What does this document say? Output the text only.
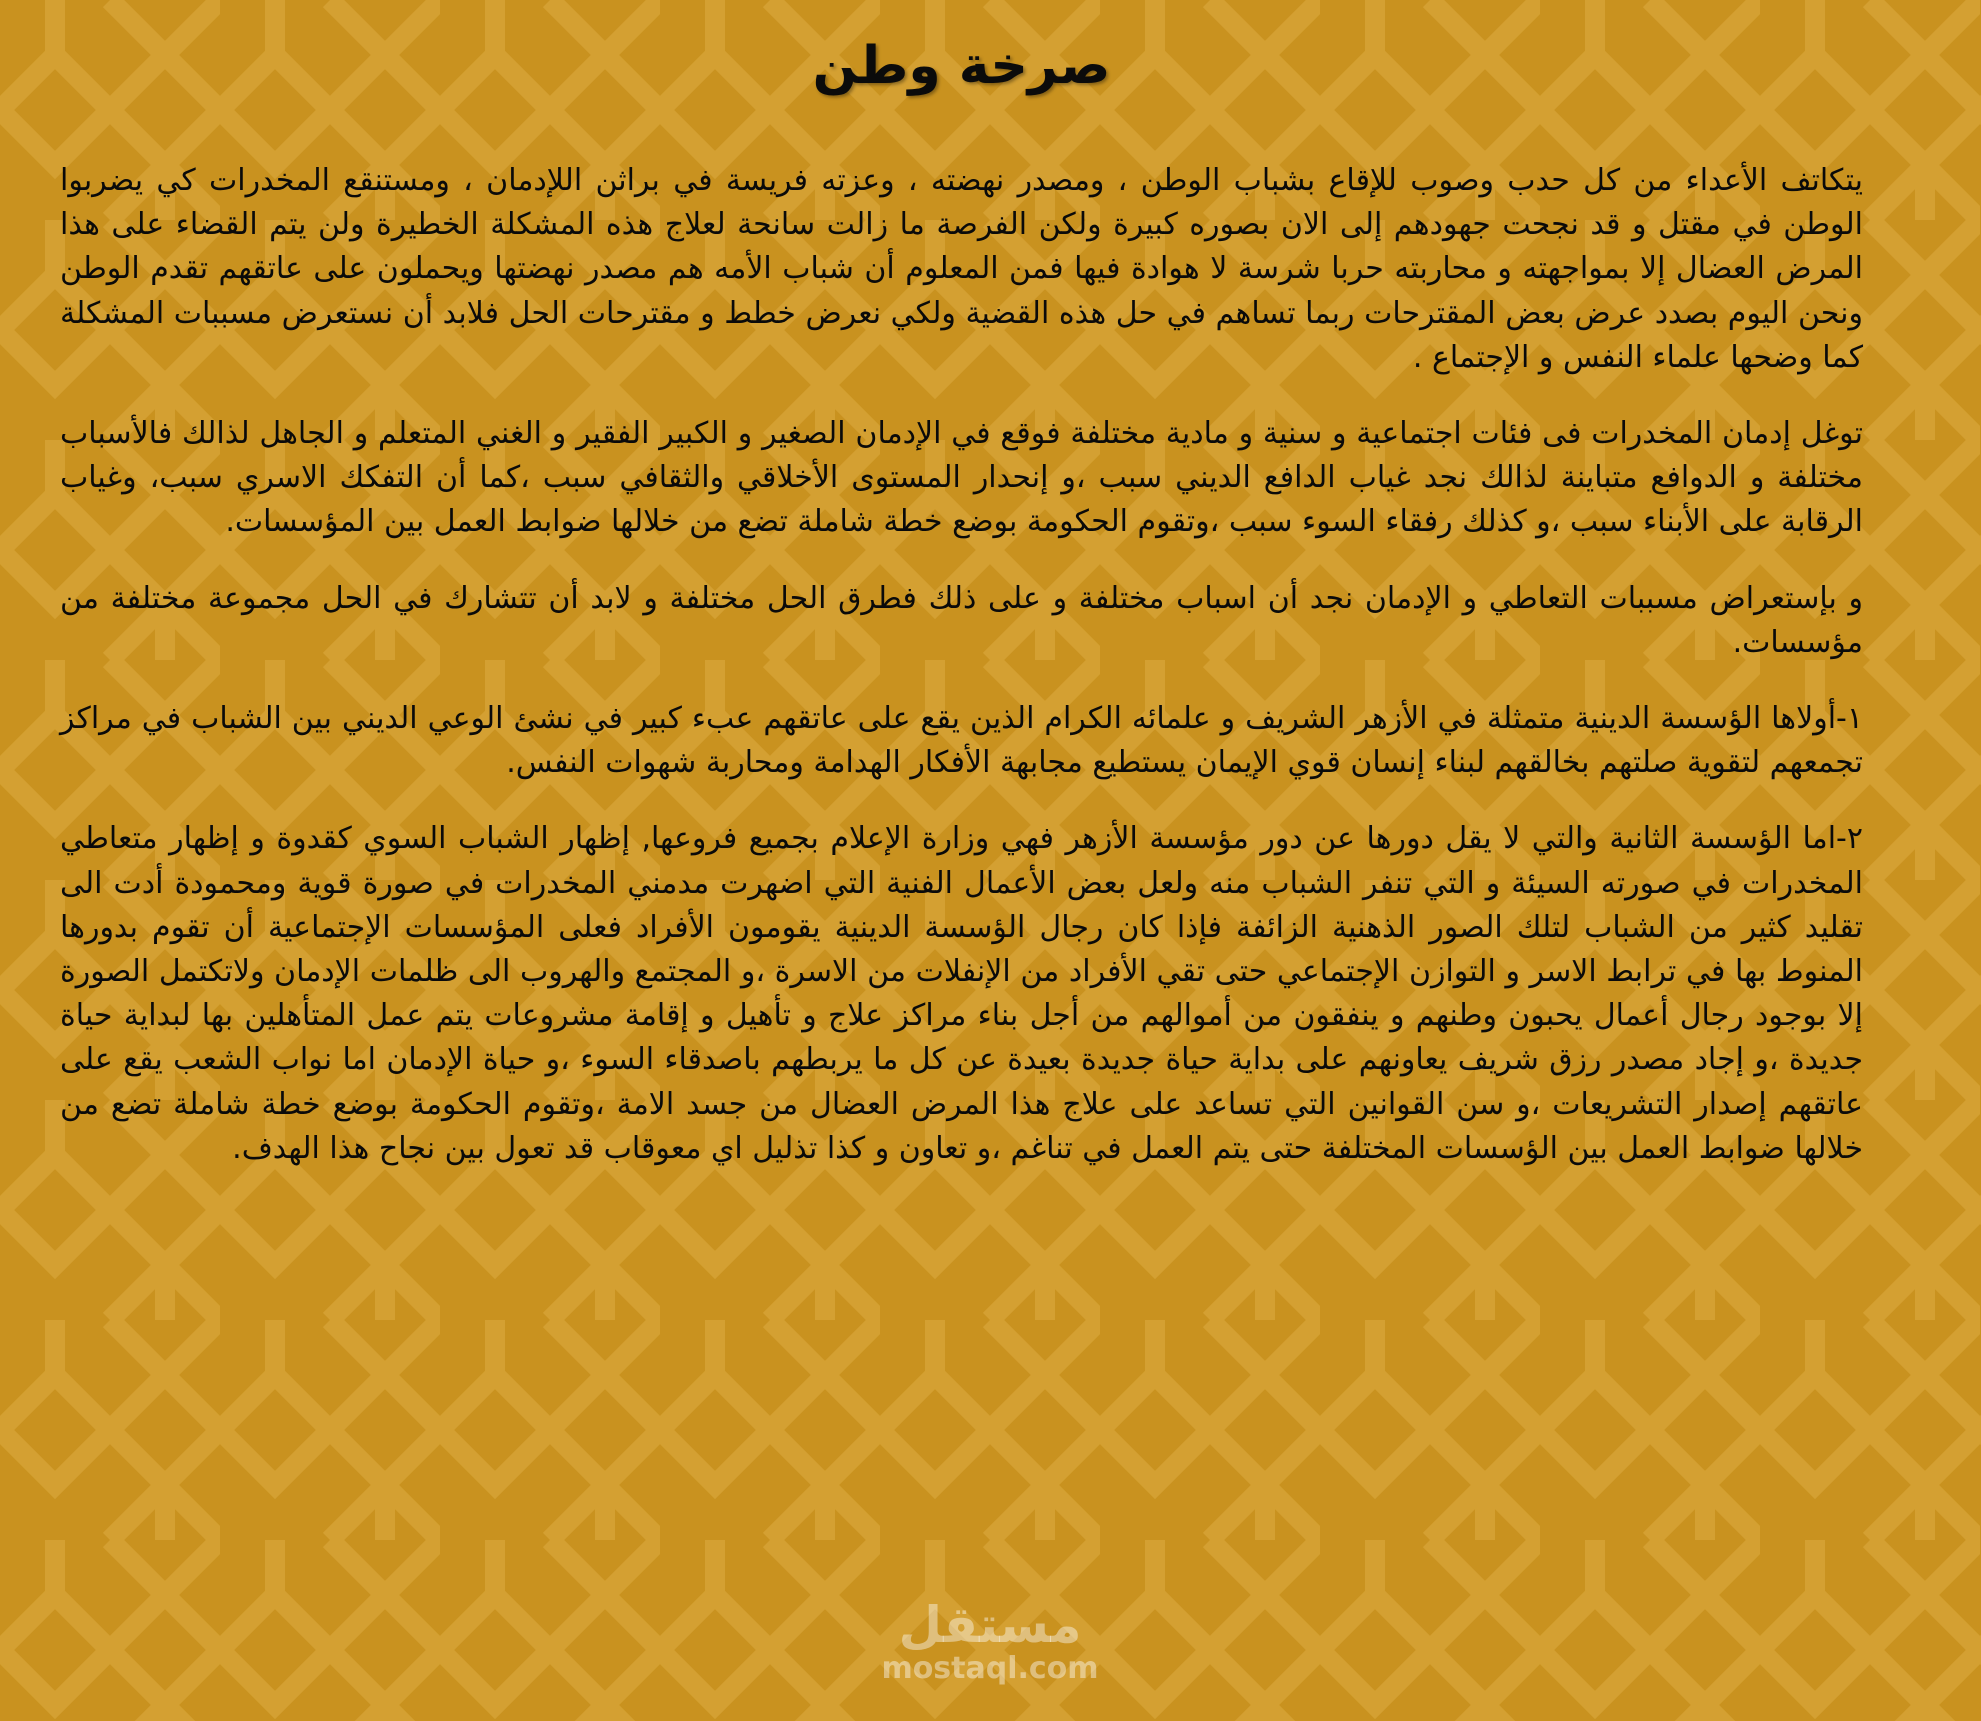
صرخة وطن

يتكاتف الأعداء من كل حدب وصوب للإقاع بشباب الوطن ، ومصدر نهضته ، وعزته فريسة في براثن اللإدمان ، ومستنقع المخدرات كي يضربوا الوطن في مقتل و قد نجحت جهودهم إلى الان بصوره كبيرة ولكن الفرصة ما زالت سانحة لعلاج هذه المشكلة الخطيرة ولن يتم القضاء على هذا المرض العضال إلا بمواجهته و محاربته حربا شرسة لا هوادة فيها فمن المعلوم أن شباب الأمه هم مصدر نهضتها ويحملون على عاتقهم تقدم الوطن ونحن اليوم بصدد عرض بعض المقترحات ربما تساهم في حل هذه القضية ولكي نعرض خطط و مقترحات الحل فلابد أن نستعرض مسببات المشكلة كما وضحها علماء النفس و الإجتماع .

توغل إدمان المخدرات فى فئات اجتماعية و سنية و مادية مختلفة فوقع في الإدمان الصغير و الكبير الفقير و الغني المتعلم و الجاهل لذالك فالأسباب مختلفة و الدوافع متباينة لذالك نجد غياب الدافع الديني سبب ،و إنحدار المستوى الأخلاقي والثقافي سبب ،كما أن التفكك الاسري سبب، وغياب الرقابة على الأبناء سبب ،و كذلك رفقاء السوء سبب ،وتقوم الحكومة بوضع خطة شاملة تضع من خلالها ضوابط العمل بين المؤسسات.

و بإستعراض مسببات التعاطي و الإدمان نجد أن اسباب مختلفة و على ذلك فطرق الحل مختلفة و لابد أن تتشارك في الحل مجموعة مختلفة من مؤسسات.

١-أولاها الؤسسة الدينية متمثلة في الأزهر الشريف و علمائه الكرام الذين يقع على عاتقهم عبء كبير في نشئ الوعي الديني بين الشباب في مراكز تجمعهم لتقوية صلتهم بخالقهم لبناء إنسان قوي الإيمان يستطيع مجابهة الأفكار الهدامة ومحاربة شهوات النفس.

٢-اما الؤسسة الثانية والتي لا يقل دورها عن دور مؤسسة الأزهر فهي وزارة الإعلام بجميع فروعها, إظهار الشباب السوي كقدوة و إظهار متعاطي المخدرات في صورته السيئة و التي تنفر الشباب منه ولعل بعض الأعمال الفنية التي اضهرت مدمني المخدرات في صورة قوية ومحمودة أدت الى تقليد كثير من الشباب لتلك الصور الذهنية الزائفة فإذا كان رجال الؤسسة الدينية يقومون الأفراد فعلى المؤسسات الإجتماعية أن تقوم بدورها المنوط بها في ترابط الاسر و التوازن الإجتماعي حتى تقي الأفراد من الإنفلات من الاسرة ،و المجتمع والهروب الى ظلمات الإدمان ولاتكتمل الصورة إلا بوجود رجال أعمال يحبون وطنهم و ينفقون من أموالهم من أجل بناء مراكز علاج و تأهيل و إقامة مشروعات يتم عمل المتأهلين بها لبداية حياة جديدة ،و إجاد مصدر رزق شريف يعاونهم على بداية حياة جديدة بعيدة عن كل ما يربطهم باصدقاء السوء ،و حياة الإدمان اما نواب الشعب يقع على عاتقهم إصدار التشريعات ،و سن القوانين التي تساعد على علاج هذا المرض العضال من جسد الامة ،وتقوم الحكومة بوضع خطة شاملة تضع من خلالها ضوابط العمل بين الؤسسات المختلفة حتى يتم العمل في تناغم ،و تعاون و كذا تذليل اي معوقاب قد تعول بين نجاح هذا الهدف.

مستقل
mostaql.com
